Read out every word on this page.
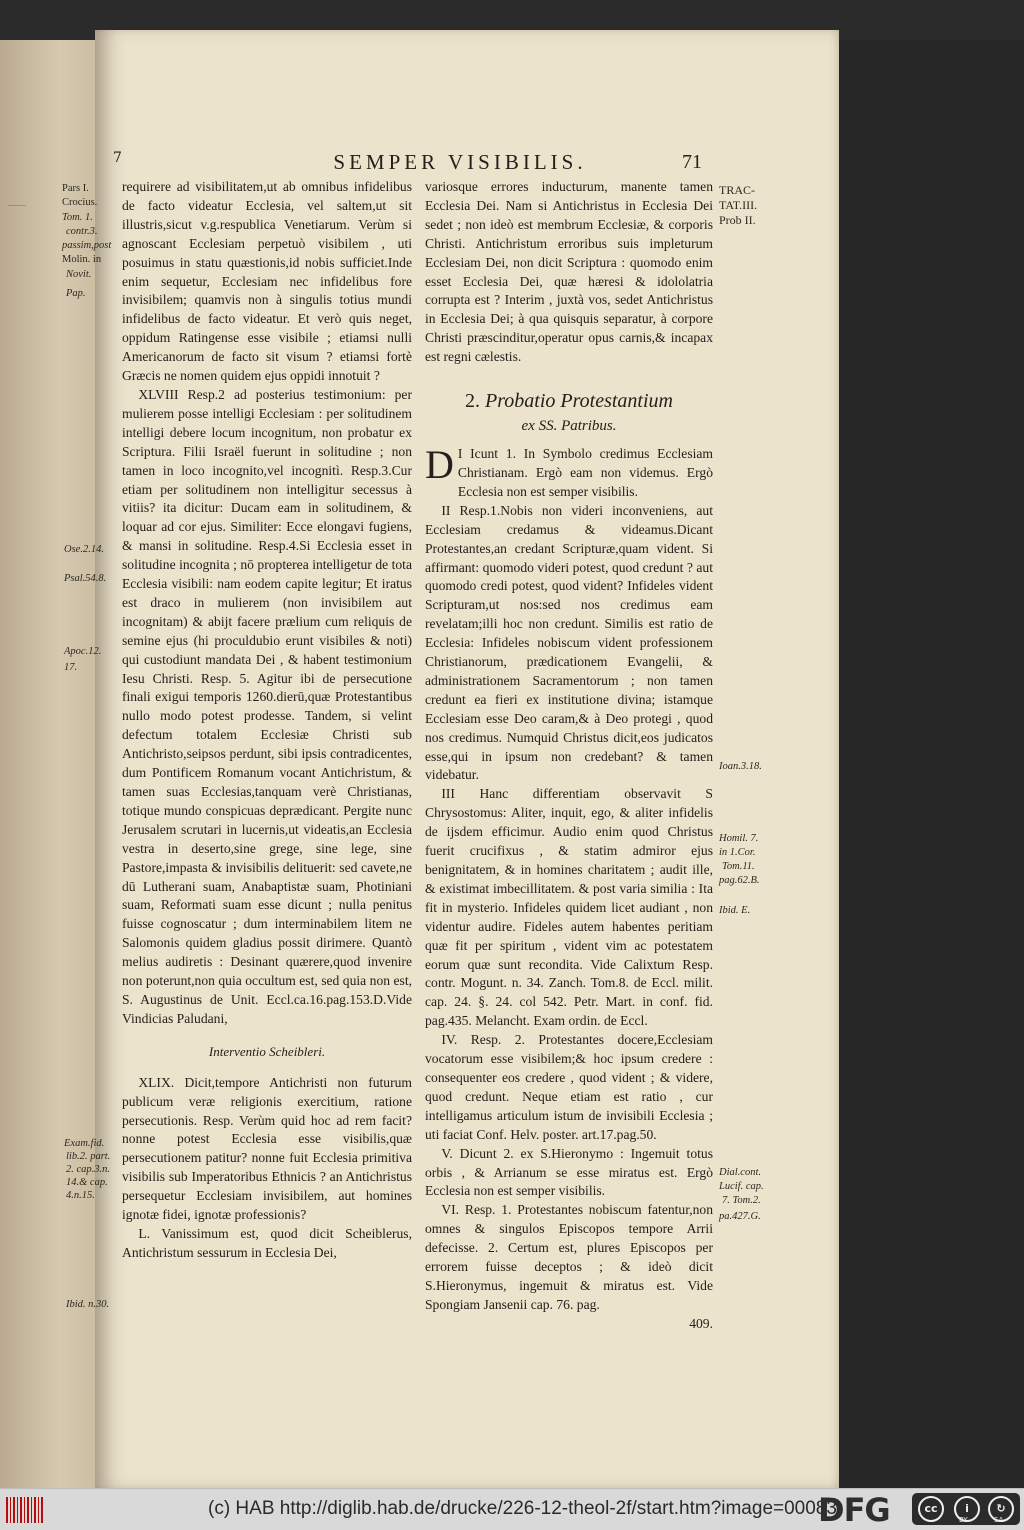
——
7	SEMPER VISIBILIS.	71
Pars I.
Crocius.
Tom. 1.
contr.3.
passim,post
Molin. in
Novit.
Pap.
Ose.2.14.
Psal.54.8.
Apoc.12.
17.
Exam.fid.
lib.2. part.
2. cap.3.n.
14.& cap.
4.n.15.
Ibid. n.30.
TRAC-
TAT.III.
Prob II.
Ioan.3.18.
Homil. 7.
in 1.Cor.
Tom.11.
pag.62.B.
Ibid. E.
Dial.cont.
Lucif. cap.
7. Tom.2.
pa.427.G.

requirere ad visibilitatem,ut ab omnibus infidelibus de facto videatur Ecclesia, vel saltem,ut sit illustris,sicut v.g.respublica Venetiarum. Verùm si agnoscant Ecclesiam perpetuò visibilem , uti posuimus in statu quæstionis,id nobis sufficiet.Inde enim sequetur, Ecclesiam nec infidelibus fore invisibilem; quamvis non à singulis totius mundi infidelibus de facto videatur. Et verò quis neget, oppidum Ratingense esse visibile ; etiamsi nulli Americanorum de facto sit visum ? etiamsi fortè Græcis ne nomen quidem ejus oppidi innotuit ?

XLVIII Resp.2 ad posterius testimonium: per mulierem posse intelligi Ecclesiam : per solitudinem intelligi debere locum incognitum, non probatur ex Scriptura. Filii Israël fuerunt in solitudine ; non tamen in loco incognito,vel incognitì. Resp.3.Cur etiam per solitudinem non intelligitur secessus à vitiis? ita dicitur: Ducam eam in solitudinem, & loquar ad cor ejus. Similiter: Ecce elongavi fugiens, & mansi in solitudine. Resp.4.Si Ecclesia esset in solitudine incognita ; nō propterea intelligetur de tota Ecclesia visibili: nam eodem capite legitur; Et iratus est draco in mulierem (non invisibilem aut incognitam) & abijt facere prælium cum reliquis de semine ejus (hi proculdubio erunt visibiles & noti) qui custodiunt mandata Dei , & habent testimonium Iesu Christi. Resp. 5. Agitur ibi de persecutione finali exigui temporis 1260.dierū,quæ Protestantibus nullo modo potest prodesse. Tandem, si velint defectum totalem Ecclesiæ Christi sub Antichristo,seipsos perdunt, sibi ipsis contradicentes, dum Pontificem Romanum vocant Antichristum, & tamen suas Ecclesias,tanquam verè Christianas, totique mundo conspicuas deprædicant. Pergite nunc Jerusalem scrutari in lucernis,ut videatis,an Ecclesia vestra in deserto,sine grege, sine lege, sine Pastore,impasta & invisibilis delituerit: sed cavete,ne dū Lutherani suam, Anabaptistæ suam, Photiniani suam, Reformati suam esse dicunt ; nulla penitus fuisse cognoscatur ; dum interminabilem litem ne Salomonis quidem gladius possit dirimere. Quantò melius audiretis : Desinant quærere,quod invenire non poterunt,non quia occultum est, sed quia non est, S. Augustinus de Unit. Eccl.ca.16.pag.153.D.Vide Vindicias Paludani,

Interventio Scheibleri.

XLIX. Dicit,tempore Antichristi non futurum publicum veræ religionis exercitium, ratione persecutionis. Resp. Verùm quid hoc ad rem facit? nonne potest Ecclesia esse visibilis,quæ persecutionem patitur? nonne fuit Ecclesia primitiva visibilis sub Imperatoribus Ethnicis ? an Antichristus persequetur Ecclesiam invisibilem, aut homines ignotæ fidei, ignotæ professionis?

L. Vanissimum est, quod dicit Scheiblerus, Antichristum sessurum in Ecclesia Dei,

variosque errores inducturum, manente tamen Ecclesia Dei. Nam si Antichristus in Ecclesia Dei sedet ; non ideò est membrum Ecclesiæ, & corporis Christi. Antichristum erroribus suis impleturum Ecclesiam Dei, non dicit Scriptura : quomodo enim esset Ecclesia Dei, quæ hæresi & idololatria corrupta est ? Interim , juxtà vos, sedet Antichristus in Ecclesia Dei; à qua quisquis separatur, à corpore Christi præscinditur,operatur opus carnis,& incapax est regni cælestis.

2. Probatio Protestantium
ex SS. Patribus.

I
D Icunt 1. In Symbolo credimus Ecclesiam Christianam. Ergò eam non videmus. Ergò Ecclesia non est semper visibilis.

II Resp.1.Nobis non videri inconveniens, aut Ecclesiam credamus & videamus.Dicant Protestantes,an credant Scripturæ,quam vident. Si affirmant: quomodo videri potest, quod credunt ? aut quomodo credi potest, quod vident? Infideles vident Scripturam,ut nos:sed nos credimus eam revelatam;illi hoc non credunt. Similis est ratio de Ecclesia: Infideles nobiscum vident professionem Christianorum, prædicationem Evangelii, & administrationem Sacramentorum ; non tamen credunt ea fieri ex institutione divina; istamque Ecclesiam esse Deo caram,& à Deo protegi , quod nos credimus. Numquid Christus dicit,eos judicatos esse,qui in ipsum non credebant? & tamen videbatur.

III Hanc differentiam observavit S Chrysostomus: Aliter, inquit, ego, & aliter infidelis de ijsdem efficimur. Audio enim quod Christus fuerit crucifixus , & statim admiror ejus benignitatem, & in homines charitatem ; audit ille, & existimat imbecillitatem. & post varia similia : Ita fit in mysterio. Infideles quidem licet audiant , non videntur audire. Fideles autem habentes peritiam quæ fit per spiritum , vident vim ac potestatem eorum quæ sunt recondita. Vide Calixtum Resp. contr. Mogunt. n. 34. Zanch. Tom.8. de Eccl. milit. cap. 24. §. 24. col 542. Petr. Mart. in conf. fid. pag.435. Melancht. Exam ordin. de Eccl.

IV. Resp. 2. Protestantes docere,Ecclesiam vocatorum esse visibilem;& hoc ipsum credere : consequenter eos credere , quod vident ; & videre, quod credunt. Neque etiam est ratio , cur intelligamus articulum istum de invisibili Ecclesia ; uti faciat Conf. Helv. poster. art.17.pag.50.

V. Dicunt 2. ex S.Hieronymo : Ingemuit totus orbis , & Arrianum se esse miratus est. Ergò Ecclesia non est semper visibilis.

VI. Resp. 1. Protestantes nobiscum fatentur,non omnes & singulos Episcopos tempore Arrii defecisse. 2. Certum est, plures Episcopos per errorem fuisse deceptos ; & ideò dicit S.Hieronymus, ingemuit & miratus est. Vide Spongiam Jansenii cap. 76. pag.

409.

(c) HAB http://diglib.hab.de/drucke/226-12-theol-2f/start.htm?image=00083
DFG	cc	i	↻
BY	SA
